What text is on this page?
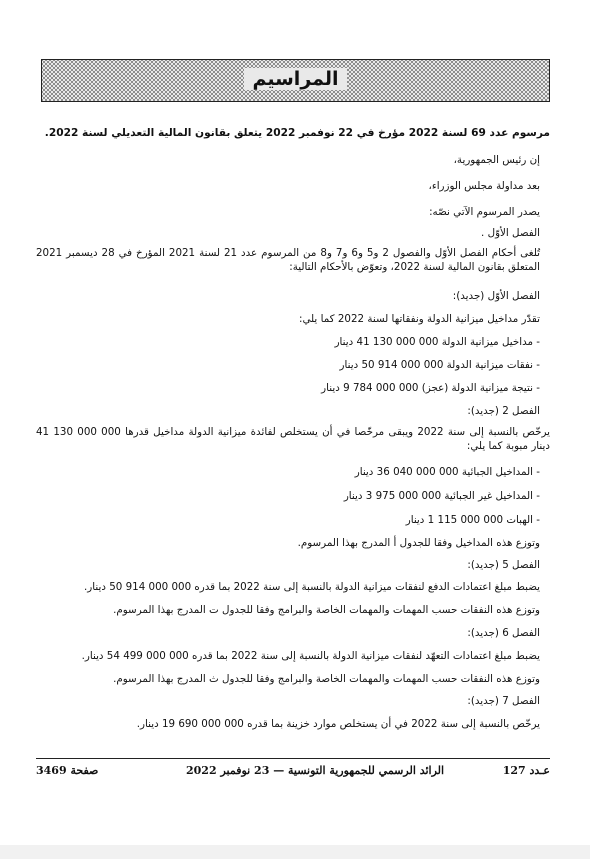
المراسيم
مرسوم عدد 69 لسنة 2022 مؤرخ في 22 نوفمبر 2022 يتعلق بقانون المالية التعديلي لسنة 2022.
إن رئيس الجمهورية،
بعد مداولة مجلس الوزراء،
يصدر المرسوم الآتي نصّه:
الفصل الأوّل .
تُلغى أحكام الفصل الأوّل والفصول 2 و5 و6 و7 و8 من المرسوم عدد 21 لسنة 2021 المؤرخ في 28 ديسمبر 2021 المتعلق بقانون المالية لسنة 2022، وتعوّض بالأحكام التالية:
الفصل الأوّل (جديد):
تقدّر مداخيل ميزانية الدولة ونفقاتها لسنة 2022 كما يلي:
- مداخيل ميزانية الدولة 000 000 130 41 دينار
- نفقات ميزانية الدولة 000 000 914 50 دينار
- نتيجة ميزانية الدولة (عجز) 000 000 784 9 دينار
الفصل 2 (جديد):
يرخّص بالنسبة إلى سنة 2022 ويبقى مرخّصا في أن يستخلص لفائدة ميزانية الدولة مداخيل قدرها 000 000 130 41 دينار مبوبة كما يلي:
- المداخيل الجبائية 000 000 040 36 دينار
- المداخيل غير الجبائية 000 000 975 3 دينار
- الهبات 000 000 115 1 دينار
وتوزع هذه المداخيل وفقا للجدول أ المدرج بهذا المرسوم.
الفصل 5 (جديد):
يضبط مبلغ اعتمادات الدفع لنفقات ميزانية الدولة بالنسبة إلى سنة 2022 بما قدره 000 000 914 50 دينار.
وتوزع هذه النفقات حسب المهمات والمهمات الخاصة والبرامج وفقا للجدول ت المدرج بهذا المرسوم.
الفصل 6 (جديد):
يضبط مبلغ اعتمادات التعهّد لنفقات ميزانية الدولة بالنسبة إلى سنة 2022 بما قدره 000 000 499 54 دينار.
وتوزع هذه النفقات حسب المهمات والمهمات الخاصة والبرامج وفقا للجدول ث المدرج بهذا المرسوم.
الفصل 7 (جديد):
يرخّص بالنسبة إلى سنة 2022 في أن يستخلص موارد خزينة بما قدره 000 000 690 19 دينار.
عـدد 127
الرائد الرسمي للجمهورية التونسية — 23 نوفمبر 2022
صفحة 3469
